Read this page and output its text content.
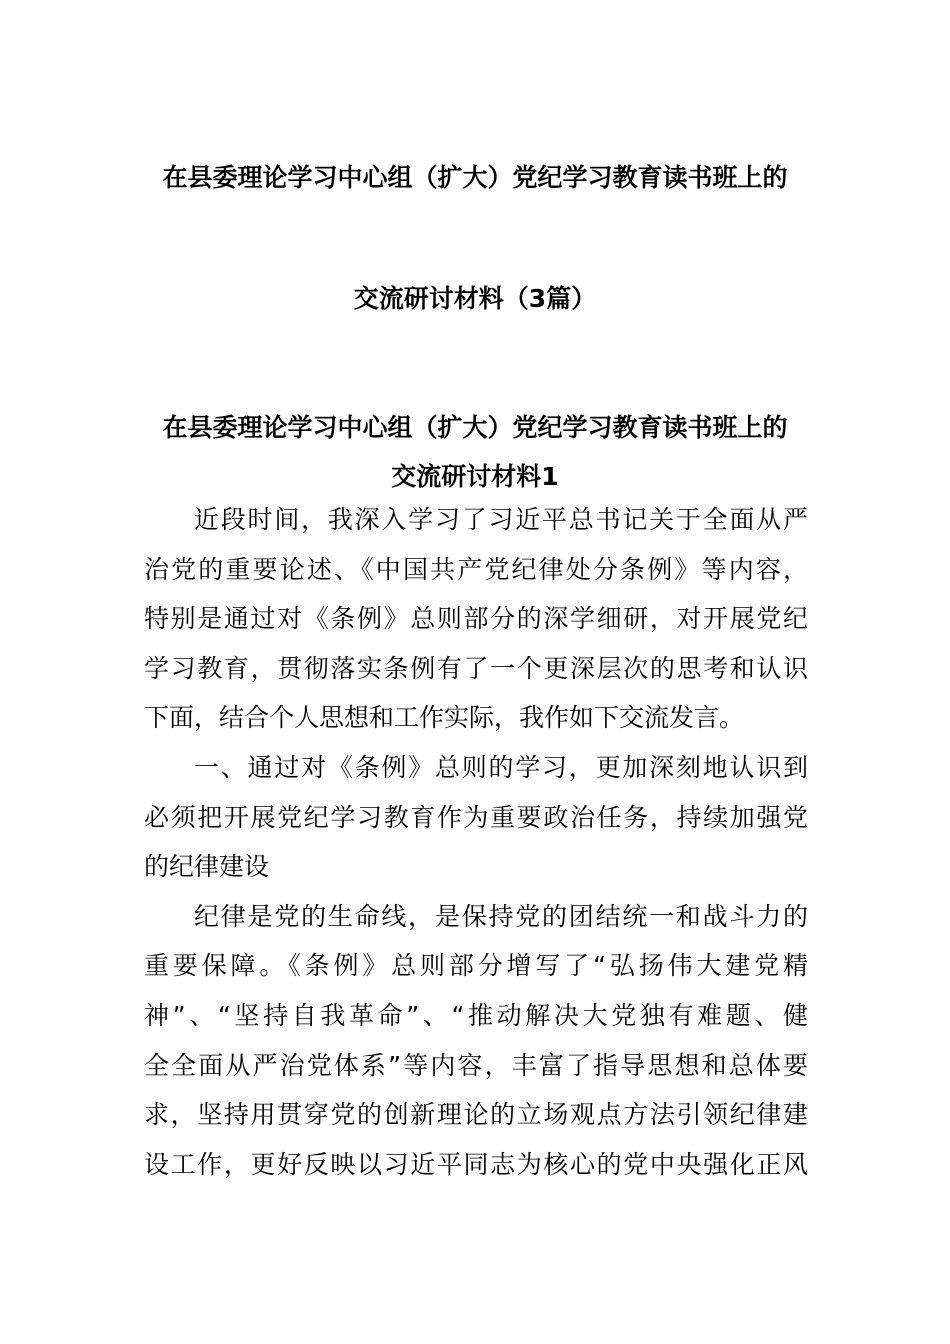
在县委理论学习中心组（扩大）党纪学习教育读书班上的
交流研讨材料（3篇）
在县委理论学习中心组（扩大）党纪学习教育读书班上的
交流研讨材料1
近段时间，我深入学习了习近平总书记关于全面从严
治党的重要论述、《中国共产党纪律处分条例》等内容，
特别是通过对《条例》总则部分的深学细研，对开展党纪
学习教育，贯彻落实条例有了一个更深层次的思考和认识
下面，结合个人思想和工作实际，我作如下交流发言。
一、通过对《条例》总则的学习，更加深刻地认识到
必须把开展党纪学习教育作为重要政治任务，持续加强党
的纪律建设
纪律是党的生命线，是保持党的团结统一和战斗力的
重要保障。《条例》总则部分增写了“弘扬伟大建党精
神”、“坚持自我革命”、“推动解决大党独有难题、健
全全面从严治党体系”等内容，丰富了指导思想和总体要
求，坚持用贯穿党的创新理论的立场观点方法引领纪律建
设工作，更好反映以习近平同志为核心的党中央强化正风
